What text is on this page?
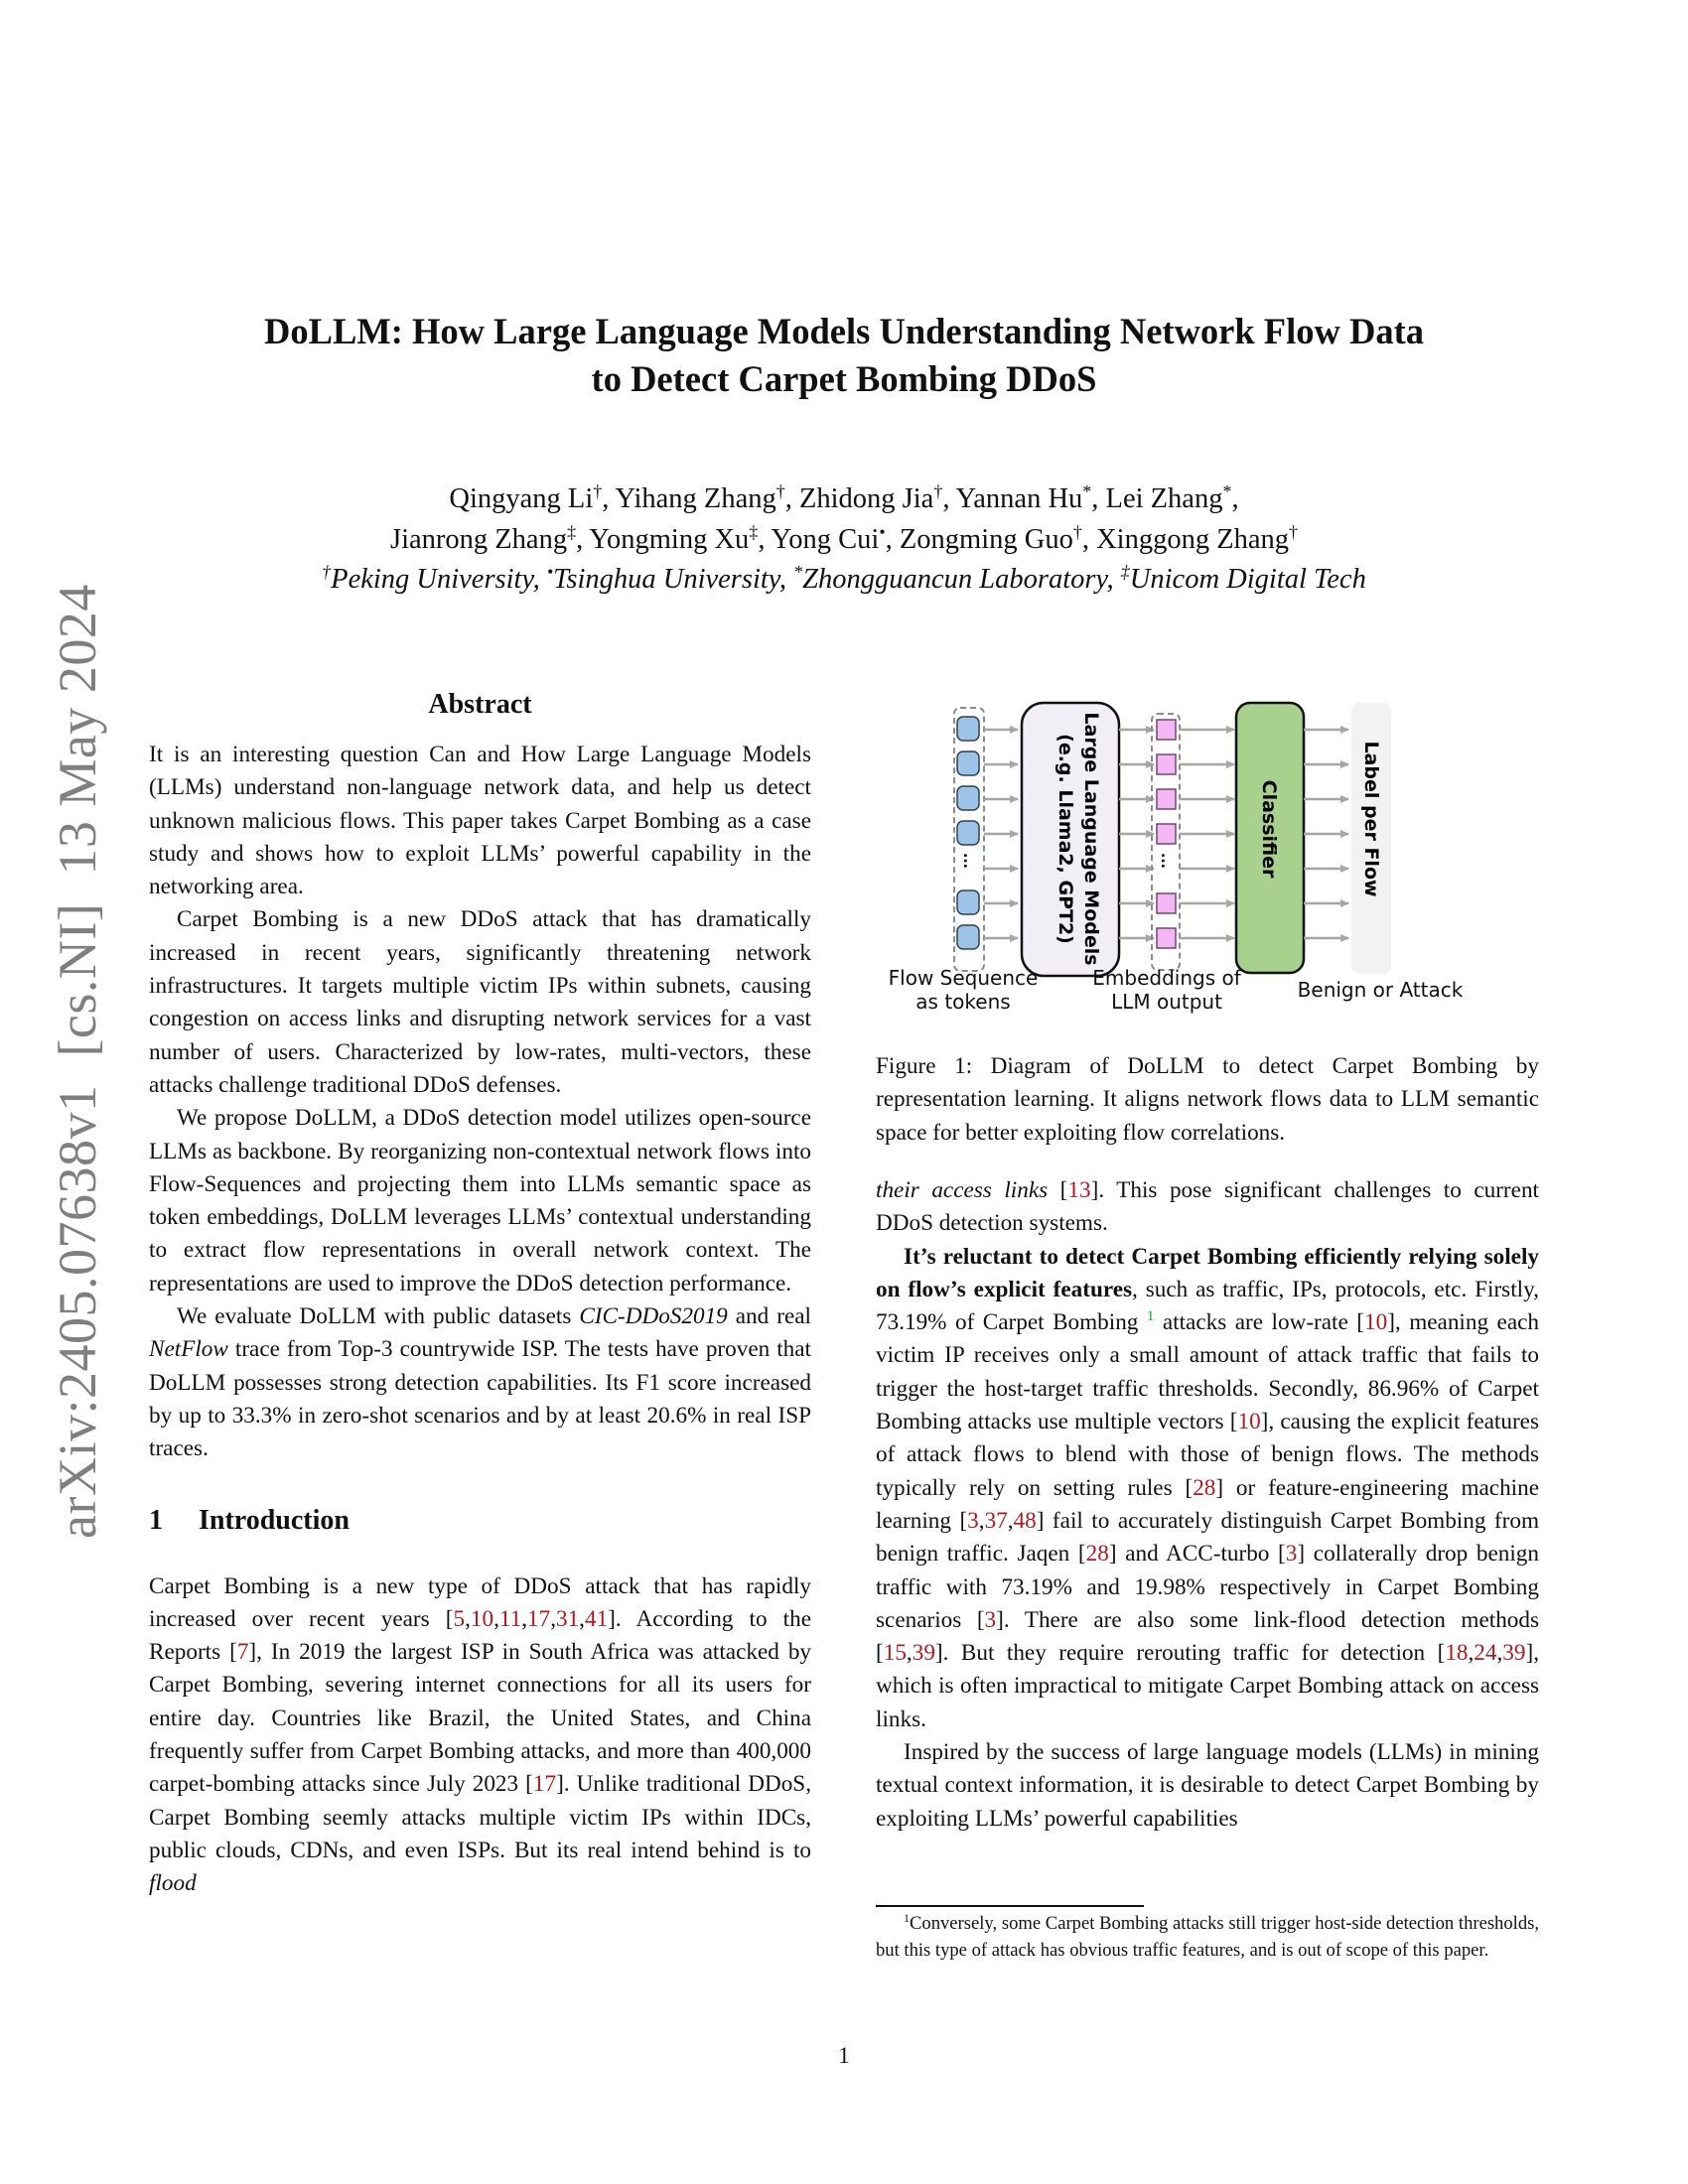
arXiv:2405.07638v1  [cs.NI]  13 May 2024
DoLLM: How Large Language Models Understanding Network Flow Data
to Detect Carpet Bombing DDoS
Qingyang Li†, Yihang Zhang†, Zhidong Jia†, Yannan Hu*, Lei Zhang*,
Jianrong Zhang‡, Yongming Xu‡, Yong Cui•, Zongming Guo†, Xinggong Zhang†
†Peking University, •Tsinghua University, *Zhongguancun Laboratory, ‡Unicom Digital Tech
Abstract

It is an interesting question Can and How Large Language Models (LLMs) understand non-language network data, and help us detect unknown malicious flows. This paper takes Carpet Bombing as a case study and shows how to exploit LLMs’ powerful capability in the networking area.

Carpet Bombing is a new DDoS attack that has dramatically increased in recent years, significantly threatening network infrastructures. It targets multiple victim IPs within subnets, causing congestion on access links and disrupting network services for a vast number of users. Characterized by low-rates, multi-vectors, these attacks challenge traditional DDoS defenses.

We propose DoLLM, a DDoS detection model utilizes open-source LLMs as backbone. By reorganizing non-contextual network flows into Flow-Sequences and projecting them into LLMs semantic space as token embeddings, DoLLM leverages LLMs’ contextual understanding to extract flow representations in overall network context. The representations are used to improve the DDoS detection performance.

We evaluate DoLLM with public datasets CIC-DDoS2019 and real NetFlow trace from Top-3 countrywide ISP. The tests have proven that DoLLM possesses strong detection capabilities. Its F1 score increased by up to 33.3% in zero-shot scenarios and by at least 20.6% in real ISP traces.

1 Introduction

Carpet Bombing is a new type of DDoS attack that has rapidly increased over recent years [5,10,11,17,31,41]. According to the Reports [7], In 2019 the largest ISP in South Africa was attacked by Carpet Bombing, severing internet connections for all its users for entire day. Countries like Brazil, the United States, and China frequently suffer from Carpet Bombing attacks, and more than 400,000 carpet-bombing attacks since July 2023 [17]. Unlike traditional DDoS, Carpet Bombing seemly attacks multiple victim IPs within IDCs, public clouds, CDNs, and even ISPs. But its real intend behind is to flood

...	Large Language Models
(e.g. Llama2, GPT2)	...	Classifier	Label per Flow
Flow Sequence
as tokens
Embeddings of
LLM output	Benign or Attack
Figure 1: Diagram of DoLLM to detect Carpet Bombing by representation learning. It aligns network flows data to LLM semantic space for better exploiting flow correlations.

their access links [13]. This pose significant challenges to current DDoS detection systems.

It’s reluctant to detect Carpet Bombing efficiently relying solely on flow’s explicit features, such as traffic, IPs, protocols, etc. Firstly, 73.19% of Carpet Bombing $^1$ attacks are low-rate [10], meaning each victim IP receives only a small amount of attack traffic that fails to trigger the host-target traffic thresholds. Secondly, 86.96% of Carpet Bombing attacks use multiple vectors [10], causing the explicit features of attack flows to blend with those of benign flows. The methods typically rely on setting rules [28] or feature-engineering machine learning [3,37,48] fail to accurately distinguish Carpet Bombing from benign traffic. Jaqen [28] and ACC-turbo [3] collaterally drop benign traffic with 73.19% and 19.98% respectively in Carpet Bombing scenarios [3]. There are also some link-flood detection methods [15,39]. But they require rerouting traffic for detection [18,24,39], which is often impractical to mitigate Carpet Bombing attack on access links.

Inspired by the success of large language models (LLMs) in mining textual context information, it is desirable to detect Carpet Bombing by exploiting LLMs’ powerful capabilities

$^1$Conversely, some Carpet Bombing attacks still trigger host-side detection thresholds, but this type of attack has obvious traffic features, and is out of scope of this paper.
1
